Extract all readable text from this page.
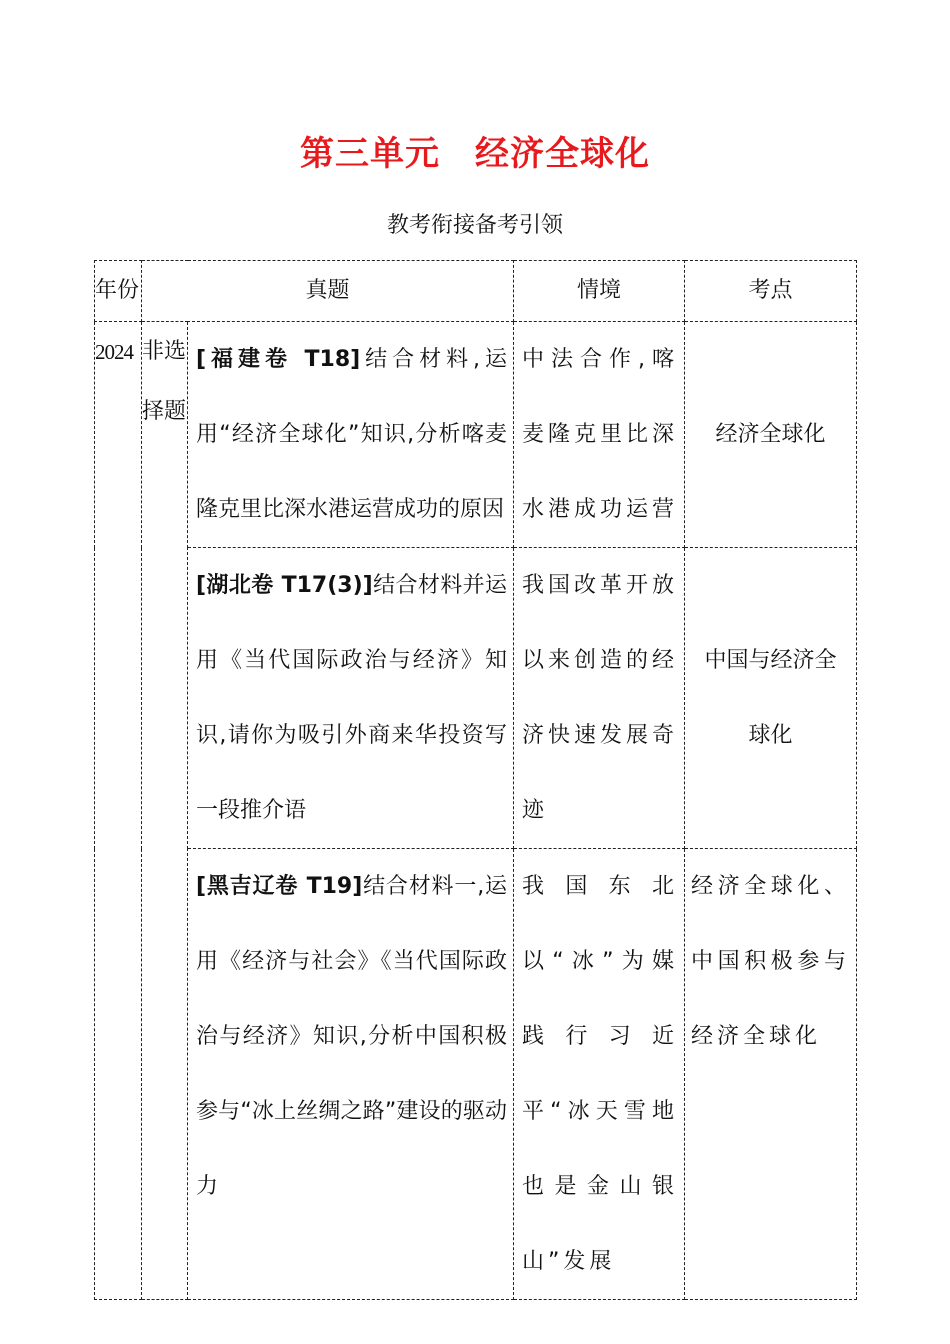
第三单元　经济全球化
教考衔接备考引领
年份	真题		情境	考点
2024	非选择题	[福建卷 T18]结合材料,运用“经济全球化”知识,分析喀麦隆克里比深水港运营成功的原因	中法合作,喀麦隆克里比深水港成功运营	经济全球化
		[湖北卷 T17(3)]结合材料并运用《当代国际政治与经济》知识,请你为吸引外商来华投资写一段推介语	我国改革开放以来创造的经济快速发展奇迹	中国与经济全球化
		[黑吉辽卷 T19]结合材料一,运用《经济与社会》《当代国际政治与经济》知识,分析中国积极参与“冰上丝绸之路”建设的驱动力	我国东北以“冰”为媒践行习近平“冰天雪地也是金山银山”发展	经济全球化、中国积极参与经济全球化
